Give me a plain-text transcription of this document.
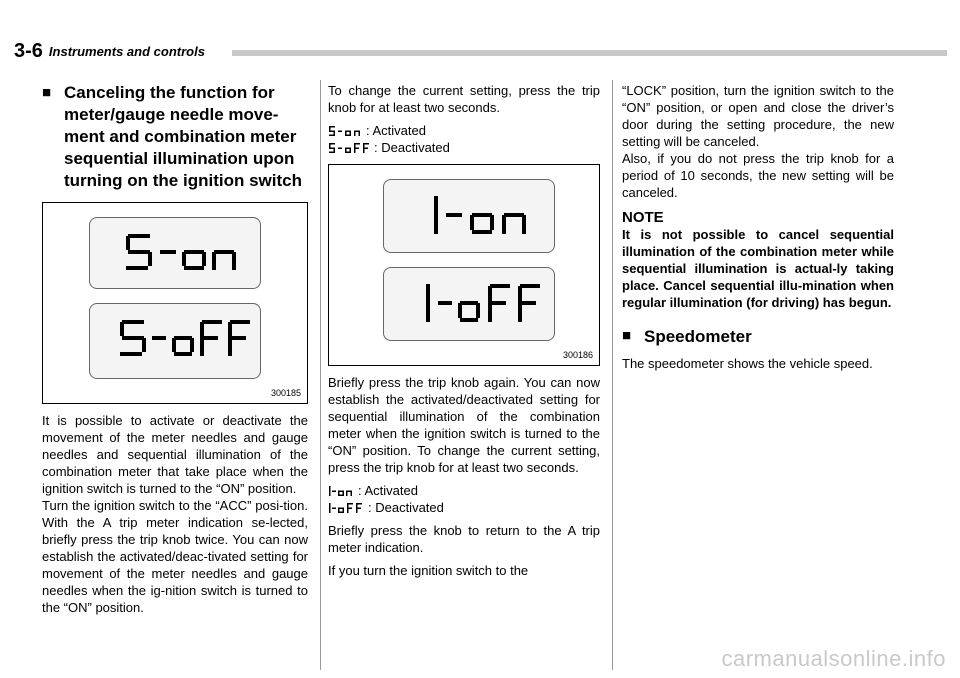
3-6 Instruments and controls
■ Canceling the function for meter/gauge needle move-ment and combination meter sequential illumination upon turning on the ignition switch
300185

It is possible to activate or deactivate the movement of the meter needles and gauge needles and sequential illumination of the combination meter that take place when the ignition switch is turned to the “ON” position.

Turn the ignition switch to the “ACC” posi-tion. With the A trip meter indication se-lected, briefly press the trip knob twice. You can now establish the activated/deac-tivated setting for movement of the meter needles and gauge needles when the ig-nition switch is turned to the “ON” position.

To change the current setting, press the trip knob for at least two seconds.

: Activated
: Deactivated
300186

Briefly press the trip knob again. You can now establish the activated/deactivated setting for sequential illumination of the combination meter when the ignition switch is turned to the “ON” position. To change the current setting, press the trip knob for at least two seconds.

: Activated
: Deactivated

Briefly press the knob to return to the A trip meter indication.

If you turn the ignition switch to the

“LOCK” position, turn the ignition switch to the “ON” position, or open and close the driver’s door during the setting procedure, the new setting will be canceled.

Also, if you do not press the trip knob for a period of 10 seconds, the new setting will be canceled.

NOTE
It is not possible to cancel sequential illumination of the combination meter while sequential illumination is actual-ly taking place. Cancel sequential illu-mination when regular illumination (for driving) has begun.
■ Speedometer

The speedometer shows the vehicle speed.

carmanualsonline.info
